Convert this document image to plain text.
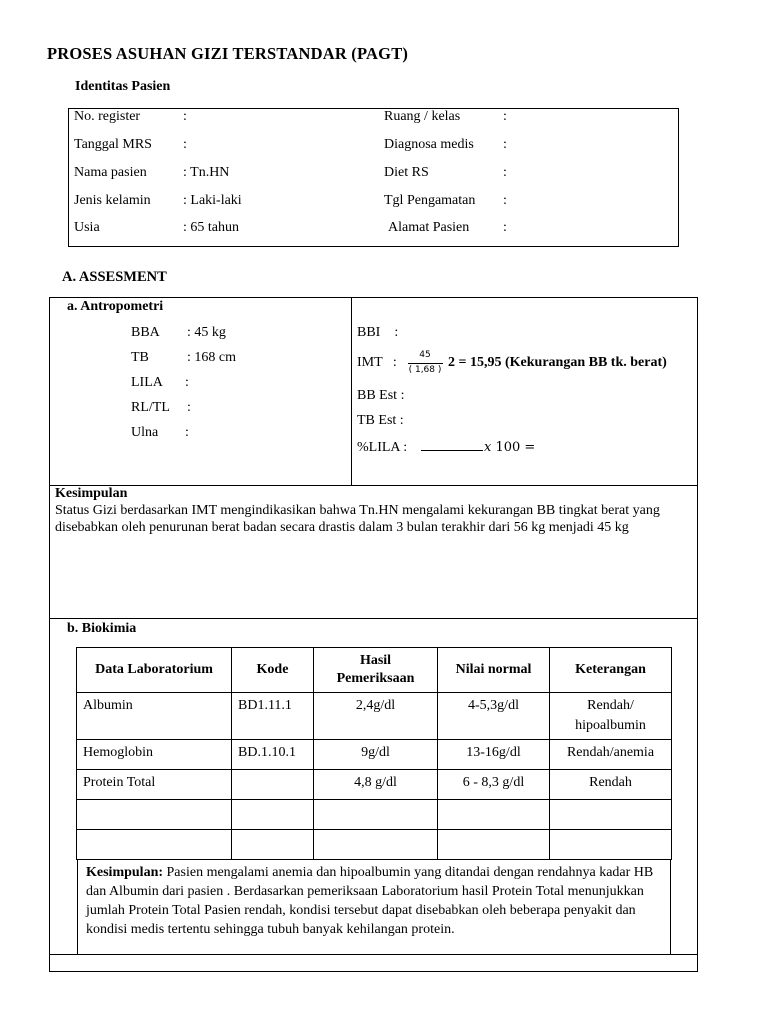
PROSES ASUHAN GIZI TERSTANDAR (PAGT)
Identitas Pasien
No. register	:
Tanggal MRS :
Nama pasien	: Tn.HN
Jenis kelamin : Laki-laki
Usia	: 65 tahun
Ruang / kelas	:
Diagnosa medis :
Diet RS	:
Tgl Pengamatan :
Alamat Pasien :
A. ASSESMENT
a. Antropometri
BBA : 45 kg
TB	: 168 cm
LILA :
RL/TL :
Ulna :
BBI    :
IMT   :	45
( 1,68 ) 2 = 15,95 (Kekurangan BB tk. berat)
BB Est :
TB Est :
%LILA :	𝑥 100 =
Kesimpulan
Status Gizi berdasarkan IMT mengindikasikan bahwa Tn.HN mengalami kekurangan BB tingkat berat yang disebabkan oleh penurunan berat badan secara drastis dalam 3 bulan terakhir dari 56 kg menjadi 45 kg
b. Biokimia
Data Laboratorium	Kode	Hasil Pemeriksaan	Nilai normal	Keterangan
Albumin	BD1.11.1	2,4g/dl	4-5,3g/dl	Rendah/ hipoalbumin
Hemoglobin	BD.1.10.1	9g/dl	13-16g/dl	Rendah/anemia
Protein Total		4,8 g/dl	6 - 8,3 g/dl	Rendah

Kesimpulan: Pasien mengalami anemia dan hipoalbumin yang ditandai dengan rendahnya kadar HB dan Albumin dari pasien . Berdasarkan pemeriksaan Laboratorium hasil Protein Total menunjukkan jumlah Protein Total Pasien rendah, kondisi tersebut dapat disebabkan oleh beberapa penyakit dan kondisi medis tertentu sehingga tubuh banyak kehilangan protein.
